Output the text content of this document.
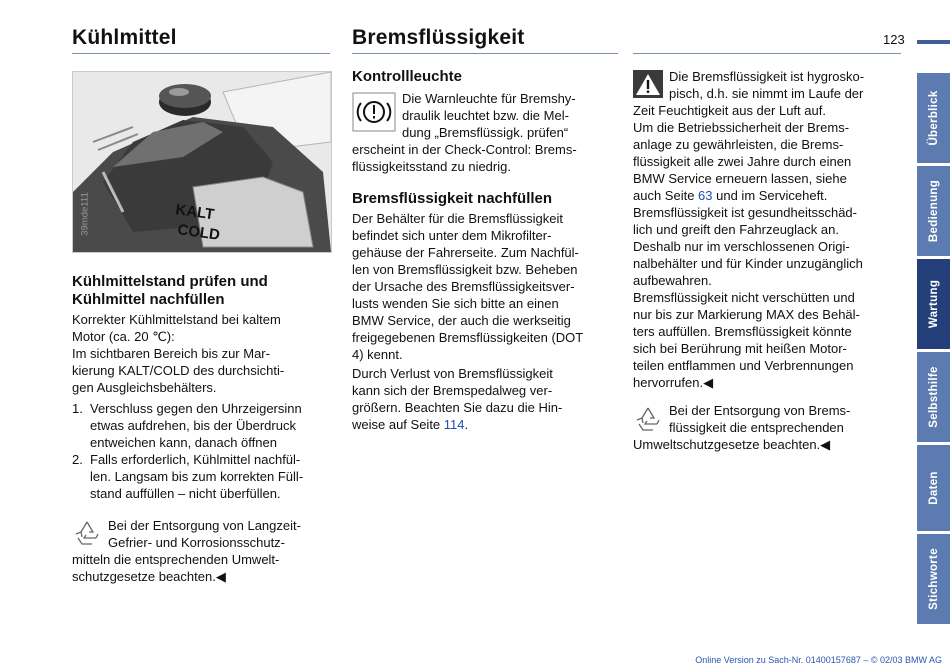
Kühlmittel	Bremsflüssigkeit	123
KALT
COLD
39mde111
Kühlmittelstand prüfen und
Kühlmittel nachfüllen
Korrekter Kühlmittelstand bei kaltem
Motor (ca. 20 ℃):
Im sichtbaren Bereich bis zur Mar-
kierung KALT/COLD des durchsichti-
gen Ausgleichsbehälters.
1. Verschluss gegen den Uhrzeigersinn
etwas aufdrehen, bis der Überdruck
entweichen kann, danach öffnen
2. Falls erforderlich, Kühlmittel nachfül-
len. Langsam bis zum korrekten Füll-
stand auffüllen – nicht überfüllen.
Bei der Entsorgung von Langzeit-
Gefrier- und Korrosionsschutz-
mitteln die entsprechenden Umwelt-
schutzgesetze beachten.◀
Kontrollleuchte
Die Warnleuchte für Bremshy-
draulik leuchtet bzw. die Mel-
dung „Bremsflüssigk. prüfen“
erscheint in der Check-Control: Brems-
flüssigkeitsstand zu niedrig.
Bremsflüssigkeit nachfüllen
Der Behälter für die Bremsflüssigkeit
befindet sich unter dem Mikrofilter-
gehäuse der Fahrerseite. Zum Nachfül-
len von Bremsflüssigkeit bzw. Beheben
der Ursache des Bremsflüssigkeitsver-
lusts wenden Sie sich bitte an einen
BMW Service, der auch die werkseitig
freigegebenen Bremsflüssigkeiten (DOT
4) kennt.
Durch Verlust von Bremsflüssigkeit
kann sich der Bremspedalweg ver-
größern. Beachten Sie dazu die Hin-
weise auf Seite 114.
Die Bremsflüssigkeit ist hygrosko-
pisch, d.h. sie nimmt im Laufe der
Zeit Feuchtigkeit aus der Luft auf.
Um die Betriebssicherheit der Brems-
anlage zu gewährleisten, die Brems-
flüssigkeit alle zwei Jahre durch einen
BMW Service erneuern lassen, siehe
auch Seite 63 und im Serviceheft.
Bremsflüssigkeit ist gesundheitsschäd-
lich und greift den Fahrzeuglack an.
Deshalb nur im verschlossenen Origi-
nalbehälter und für Kinder unzugänglich
aufbewahren.
Bremsflüssigkeit nicht verschütten und
nur bis zur Markierung MAX des Behäl-
ters auffüllen. Bremsflüssigkeit könnte
sich bei Berührung mit heißen Motor-
teilen entflammen und Verbrennungen
hervorrufen.◀
Bei der Entsorgung von Brems-
flüssigkeit die entsprechenden
Umweltschutzgesetze beachten.◀
Überblick
Bedienung
Wartung
Selbsthilfe
Daten
Stichworte
Online Version zu Sach-Nr. 01400157687 – © 02/03 BMW AG
